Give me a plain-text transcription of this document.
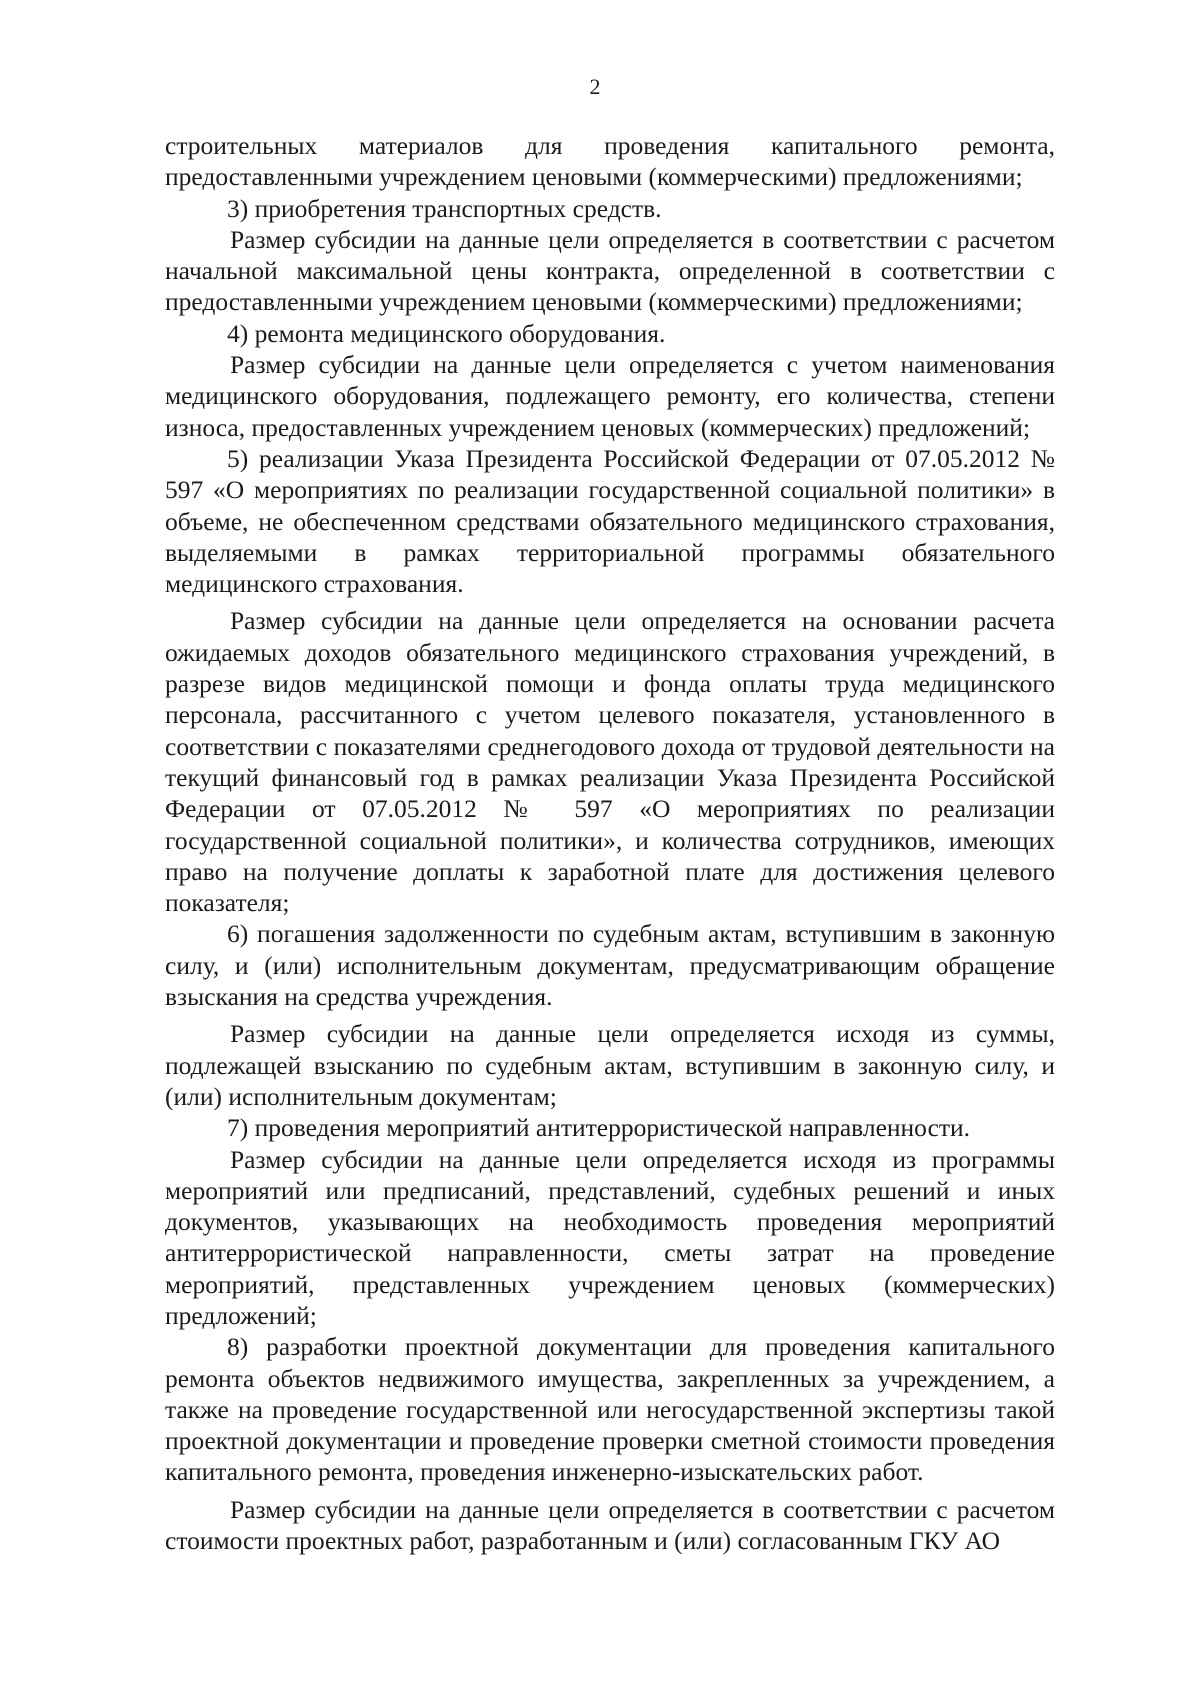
2

строительных материалов для проведения капитального ремонта, предоставленными учреждением ценовыми (коммерческими) предложениями;

3) приобретения транспортных средств.

Размер субсидии на данные цели определяется в соответствии с расчетом начальной максимальной цены контракта, определенной в соответствии с предоставленными учреждением ценовыми (коммерческими) предложениями;

4) ремонта медицинского оборудования.

Размер субсидии на данные цели определяется с учетом наименования медицинского оборудования, подлежащего ремонту, его количества, степени износа, предоставленных учреждением ценовых (коммерческих) предложений;

5) реализации Указа Президента Российской Федерации от 07.05.2012 № 597 «О мероприятиях по реализации государственной социальной политики» в объеме, не обеспеченном средствами обязательного медицинского страхования, выделяемыми в рамках территориальной программы обязательного медицинского страхования.

Размер субсидии на данные цели определяется на основании расчета ожидаемых доходов обязательного медицинского страхования учреждений, в разрезе видов медицинской помощи и фонда оплаты труда медицинского персонала, рассчитанного с учетом целевого показателя, установленного в соответствии с показателями среднегодового дохода от трудовой деятельности на текущий финансовый год в рамках реализации Указа Президента Российской Федерации от 07.05.2012 № 597 «О мероприятиях по реализации государственной социальной политики», и количества сотрудников, имеющих право на получение доплаты к заработной плате для достижения целевого показателя;

6) погашения задолженности по судебным актам, вступившим в законную силу, и (или) исполнительным документам, предусматривающим обращение взыскания на средства учреждения.

Размер субсидии на данные цели определяется исходя из суммы, подлежащей взысканию по судебным актам, вступившим в законную силу, и (или) исполнительным документам;

7) проведения мероприятий антитеррористической направленности.

Размер субсидии на данные цели определяется исходя из программы мероприятий или предписаний, представлений, судебных решений и иных документов, указывающих на необходимость проведения мероприятий антитеррористической направленности, сметы затрат на проведение мероприятий, представленных учреждением ценовых (коммерческих) предложений;

8) разработки проектной документации для проведения капитального ремонта объектов недвижимого имущества, закрепленных за учреждением, а также на проведение государственной или негосударственной экспертизы такой проектной документации и проведение проверки сметной стоимости проведения капитального ремонта, проведения инженерно-изыскательских работ.

Размер субсидии на данные цели определяется в соответствии с расчетом стоимости проектных работ, разработанным и (или) согласованным ГКУ АО
